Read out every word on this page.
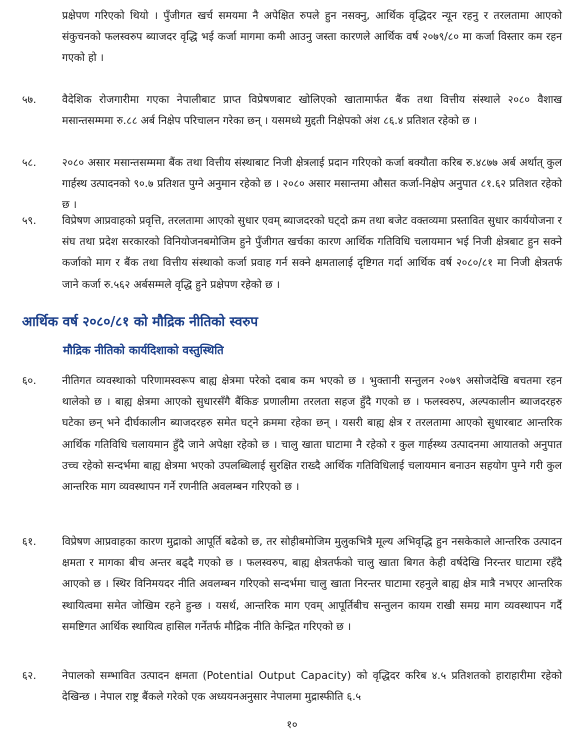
प्रक्षेपण गरिएको थियो । पुँजीगत खर्च समयमा नै अपेक्षित रुपले हुन नसक्नु, आर्थिक वृद्धिदर न्यून रहनु र तरलतामा आएको संकुचनको फलस्वरुप ब्याजदर वृद्धि भई कर्जा मागमा कमी आउनु जस्ता कारणले आर्थिक वर्ष २०७९/८० मा कर्जा विस्तार कम रहन गएको हो ।
५७.	वैदेशिक रोजगारीमा गएका नेपालीबाट प्राप्त विप्रेषणबाट खोलिएको खातामार्फत बैंक तथा वित्तीय संस्थाले २०८० वैशाख मसान्तसम्ममा रु.८८ अर्ब निक्षेप परिचालन गरेका छन् । यसमध्ये मुद्दती निक्षेपको अंश ८६.४ प्रतिशत रहेको छ ।
५८.	२०८० असार मसान्तसम्ममा बैंक तथा वित्तीय संस्थाबाट निजी क्षेत्रलाई प्रदान गरिएको कर्जा बक्यौता करिब रु.४८७७ अर्ब अर्थात् कुल गार्हस्थ उत्पादनको ९०.७ प्रतिशत पुग्ने अनुमान रहेको छ । २०८० असार मसान्तमा औसत कर्जा-निक्षेप अनुपात ८१.६२ प्रतिशत रहेको छ ।
५९.	विप्रेषण आप्रवाहको प्रवृत्ति, तरलतामा आएको सुधार एवम् ब्याजदरको घट्दो क्रम तथा बजेट वक्तव्यमा प्रस्तावित सुधार कार्ययोजना र संघ तथा प्रदेश सरकारको विनियोजनबमोजिम हुने पुँजीगत खर्चका कारण आर्थिक गतिविधि चलायमान भई निजी क्षेत्रबाट हुन सक्ने कर्जाको माग र बैंक तथा वित्तीय संस्थाको कर्जा प्रवाह गर्न सक्ने क्षमतालाई दृष्टिगत गर्दा आर्थिक वर्ष २०८०/८१ मा निजी क्षेत्रतर्फ जाने कर्जा रु.५६२ अर्बसम्मले वृद्धि हुने प्रक्षेपण रहेको छ ।
आर्थिक वर्ष २०८०/८१ को मौद्रिक नीतिको स्वरुप
मौद्रिक नीतिको कार्यदिशाको वस्तुस्थिति
६०.	नीतिगत व्यवस्थाको परिणामस्वरूप बाह्य क्षेत्रमा परेको दबाब कम भएको छ । भुक्तानी सन्तुलन २०७९ असोजदेखि बचतमा रहन थालेको छ । बाह्य क्षेत्रमा आएको सुधारसँगै बैंकिङ प्रणालीमा तरलता सहज हुँदै गएको छ । फलस्वरुप, अल्पकालीन ब्याजदरहरु घटेका छन् भने दीर्घकालीन ब्याजदरहरु समेत घट्ने क्रममा रहेका छन् । यसरी बाह्य क्षेत्र र तरलतामा आएको सुधारबाट आन्तरिक आर्थिक गतिविधि चलायमान हुँदै जाने अपेक्षा रहेको छ । चालु खाता घाटामा नै रहेको र कुल गार्हस्थ्य उत्पादनमा आयातको अनुपात उच्च रहेको सन्दर्भमा बाह्य क्षेत्रमा भएको उपलब्धिलाई सुरक्षित राख्दै आर्थिक गतिविधिलाई चलायमान बनाउन सहयोग पुग्ने गरी कुल आन्तरिक माग व्यवस्थापन गर्ने रणनीति अवलम्बन गरिएको छ ।
६१.	विप्रेषण आप्रवाहका कारण मुद्राको आपूर्ति बढेको छ, तर सोहीबमोजिम मुलुकभित्रै मूल्य अभिवृद्धि हुन नसकेकाले आन्तरिक उत्पादन क्षमता र मागका बीच अन्तर बढ्दै गएको छ । फलस्वरुप, बाह्य क्षेत्रतर्फको चालु खाता बिगत केही वर्षदेखि निरन्तर घाटामा रहँदै आएको छ । स्थिर विनिमयदर नीति अवलम्बन गरिएको सन्दर्भमा चालु खाता निरन्तर घाटामा रहनुले बाह्य क्षेत्र मात्रै नभएर आन्तरिक स्थायित्वमा समेत जोखिम रहने हुन्छ । यसर्थ, आन्तरिक माग एवम् आपूर्तिबीच सन्तुलन कायम राखी समग्र माग व्यवस्थापन गर्दै समष्टिगत आर्थिक स्थायित्व हासिल गर्नेतर्फ मौद्रिक नीति केन्द्रित गरिएको छ ।
६२.	नेपालको सम्भावित उत्पादन क्षमता (Potential Output Capacity) को वृद्धिदर करिब ४.५ प्रतिशतको हाराहारीमा रहेको देखिन्छ । नेपाल राष्ट्र बैंकले गरेको एक अध्ययनअनुसार नेपालमा मुद्रास्फीति ६.५
१०
